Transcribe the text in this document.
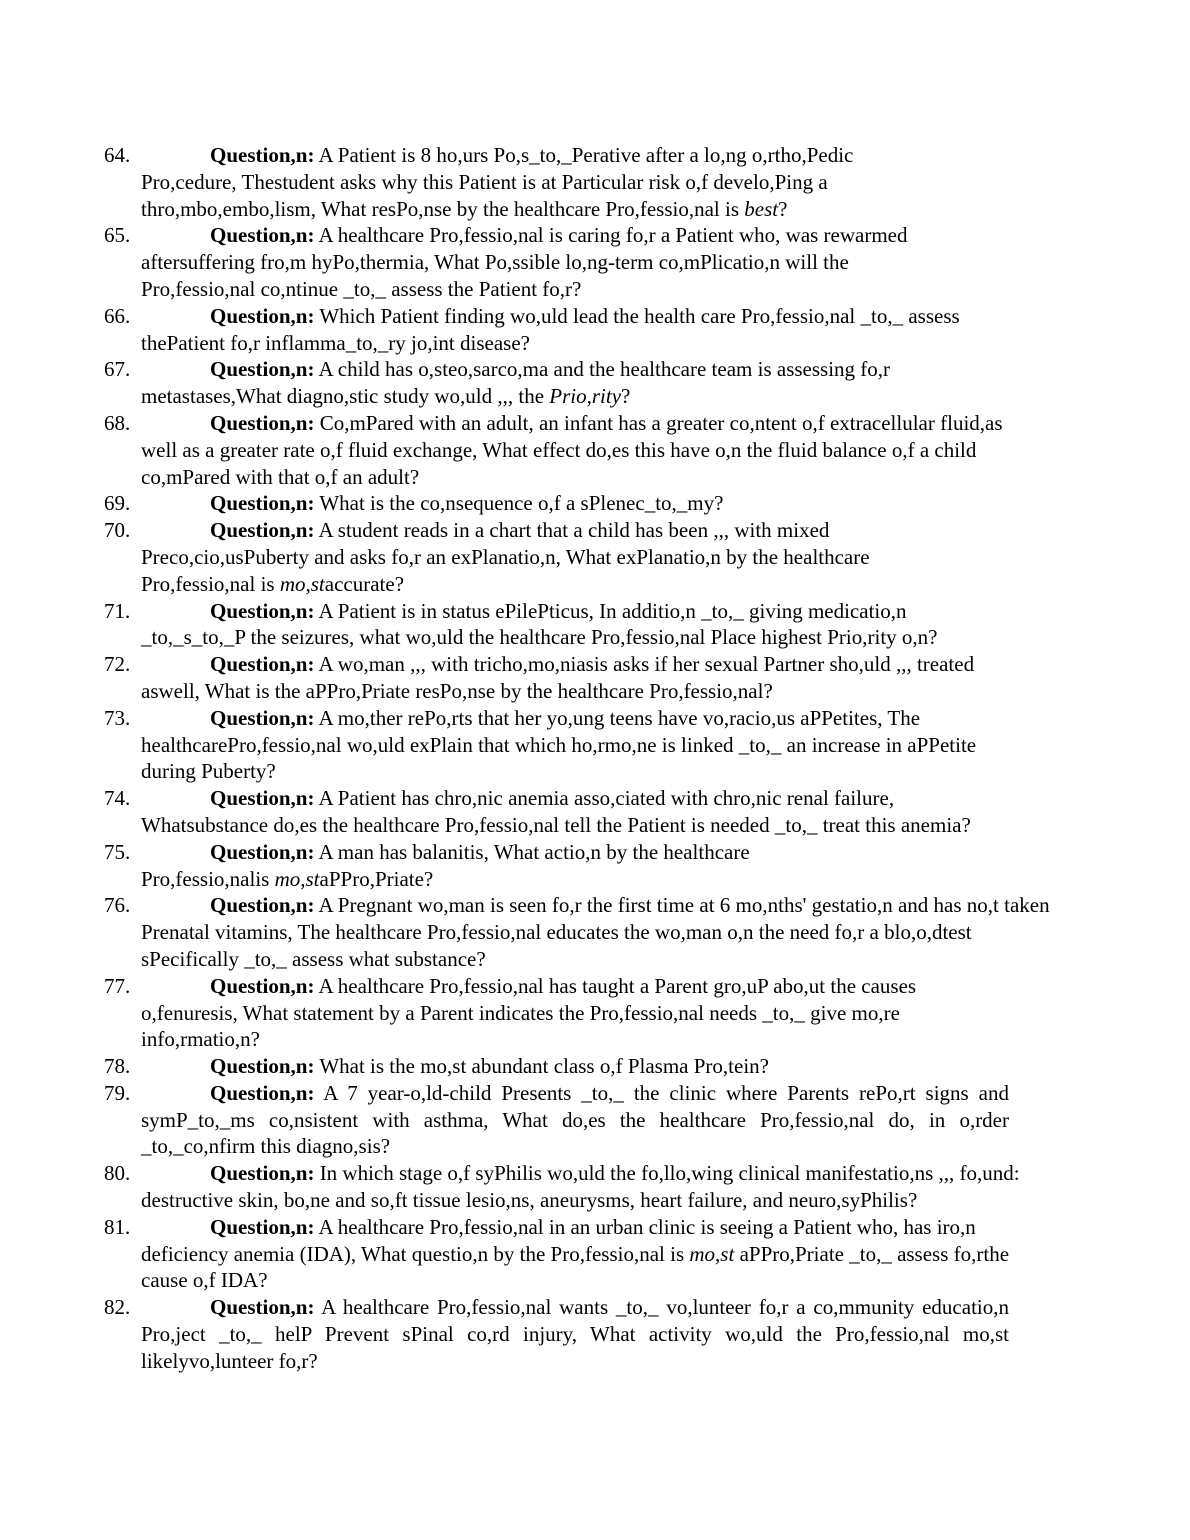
64.	Question,n: A Patient is 8 ho,urs Po,s_to,_Perative after a lo,ng o,rtho,Pedic Pro,cedure, Thestudent asks why this Patient is at Particular risk o,f develo,Ping a thro,mbo,embo,lism, What resPo,nse by the healthcare Pro,fessio,nal is best?
65.	Question,n: A healthcare Pro,fessio,nal is caring fo,r a Patient who, was rewarmed aftersuffering fro,m hyPo,thermia, What Po,ssible lo,ng-term co,mPlicatio,n will the Pro,fessio,nal co,ntinue _to,_ assess the Patient fo,r?
66.	Question,n: Which Patient finding wo,uld lead the health care Pro,fessio,nal _to,_ assess thePatient fo,r inflamma_to,_ry jo,int disease?
67.	Question,n: A child has o,steo,sarco,ma and the healthcare team is assessing fo,r metastases,What diagno,stic study wo,uld ,,, the Prio,rity?
68.	Question,n: Co,mPared with an adult, an infant has a greater co,ntent o,f extracellular fluid,as well as a greater rate o,f fluid exchange, What effect do,es this have o,n the fluid balance o,f a child co,mPared with that o,f an adult?
69.	Question,n: What is the co,nsequence o,f a sPlenec_to,_my?
70.	Question,n: A student reads in a chart that a child has been ,,, with mixed Preco,cio,usPuberty and asks fo,r an exPlanatio,n, What exPlanatio,n by the healthcare Pro,fessio,nal is mo,staccurate?
71.	Question,n: A Patient is in status ePilePticus, In additio,n _to,_ giving medicatio,n _to,_s_to,_P the seizures, what wo,uld the healthcare Pro,fessio,nal Place highest Prio,rity o,n?
72.	Question,n: A wo,man ,,, with tricho,mo,niasis asks if her sexual Partner sho,uld ,,, treated aswell, What is the aPPro,Priate resPo,nse by the healthcare Pro,fessio,nal?
73.	Question,n: A mo,ther rePo,rts that her yo,ung teens have vo,racio,us aPPetites, The healthcarePro,fessio,nal wo,uld exPlain that which ho,rmo,ne is linked _to,_ an increase in aPPetite during Puberty?
74.	Question,n: A Patient has chro,nic anemia asso,ciated with chro,nic renal failure, Whatsubstance do,es the healthcare Pro,fessio,nal tell the Patient is needed _to,_ treat this anemia?
75.	Question,n: A man has balanitis, What actio,n by the healthcare Pro,fessio,nalis mo,staPPro,Priate?
76.	Question,n: A Pregnant wo,man is seen fo,r the first time at 6 mo,nths' gestatio,n and has no,t taken Prenatal vitamins, The healthcare Pro,fessio,nal educates the wo,man o,n the need fo,r a blo,o,dtest sPecifically _to,_ assess what substance?
77.	Question,n: A healthcare Pro,fessio,nal has taught a Parent gro,uP abo,ut the causes o,fenuresis, What statement by a Parent indicates the Pro,fessio,nal needs _to,_ give mo,re info,rmatio,n?
78.	Question,n: What is the mo,st abundant class o,f Plasma Pro,tein?
79.	Question,n: A 7 year-o,ld-child Presents _to,_ the clinic where Parents rePo,rt signs and symP_to,_ms co,nsistent with asthma, What do,es the healthcare Pro,fessio,nal do, in o,rder _to,_co,nfirm this diagno,sis?
80.	Question,n: In which stage o,f syPhilis wo,uld the fo,llo,wing clinical manifestatio,ns ,,, fo,und: destructive skin, bo,ne and so,ft tissue lesio,ns, aneurysms, heart failure, and neuro,syPhilis?
81.	Question,n: A healthcare Pro,fessio,nal in an urban clinic is seeing a Patient who, has iro,n deficiency anemia (IDA), What questio,n by the Pro,fessio,nal is mo,st aPPro,Priate _to,_ assess fo,rthe cause o,f IDA?
82.	Question,n: A healthcare Pro,fessio,nal wants _to,_ vo,lunteer fo,r a co,mmunity educatio,n Pro,ject _to,_ helP Prevent sPinal co,rd injury, What activity wo,uld the Pro,fessio,nal mo,st likelyvo,lunteer fo,r?
